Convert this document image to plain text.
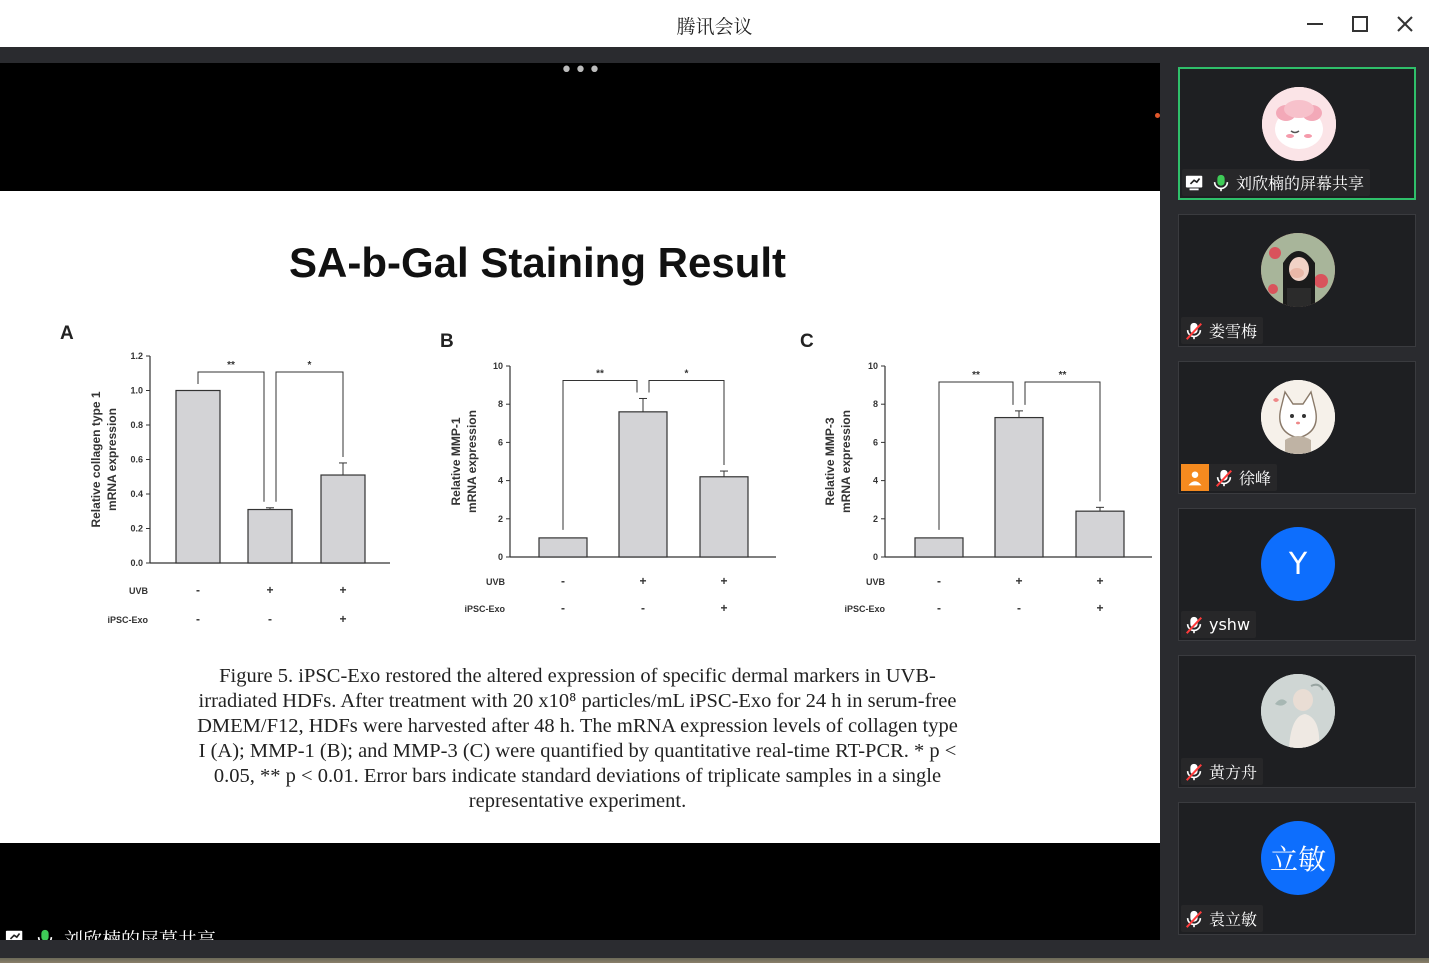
腾讯会议
•••
SA-b-Gal Staining Result
A
0.0
0.2
0.4
0.6
0.8
1.0
1.2
Relative collagen type 1 mRNA expression
**	*
UVB	-	+	+
iPSC-Exo	-	-	+
B
0
2
4
6
8
10
Relative MMP-1 mRNA expression
**	*
UVB	-	+	+
iPSC-Exo	-	-	+
C
0
2
4
6
8
10
Relative MMP-3 mRNA expression
**	**
UVB	-	+	+
iPSC-Exo	-	-	+
Figure 5. iPSC-Exo restored the altered expression of specific dermal markers in UVB-
irradiated HDFs. After treatment with 20 x10⁸ particles/mL iPSC-Exo for 24 h in serum-free
DMEM/F12, HDFs were harvested after 48 h. The mRNA expression levels of collagen type
I (A); MMP-1 (B); and MMP-3 (C) were quantified by quantitative real-time RT-PCR. * p <
0.05, ** p < 0.01. Error bars indicate standard deviations of triplicate samples in a single
representative experiment.
刘欣楠的屏幕共享
娄雪梅
徐峰
Y
yshw
黄方舟
立敏
袁立敏
